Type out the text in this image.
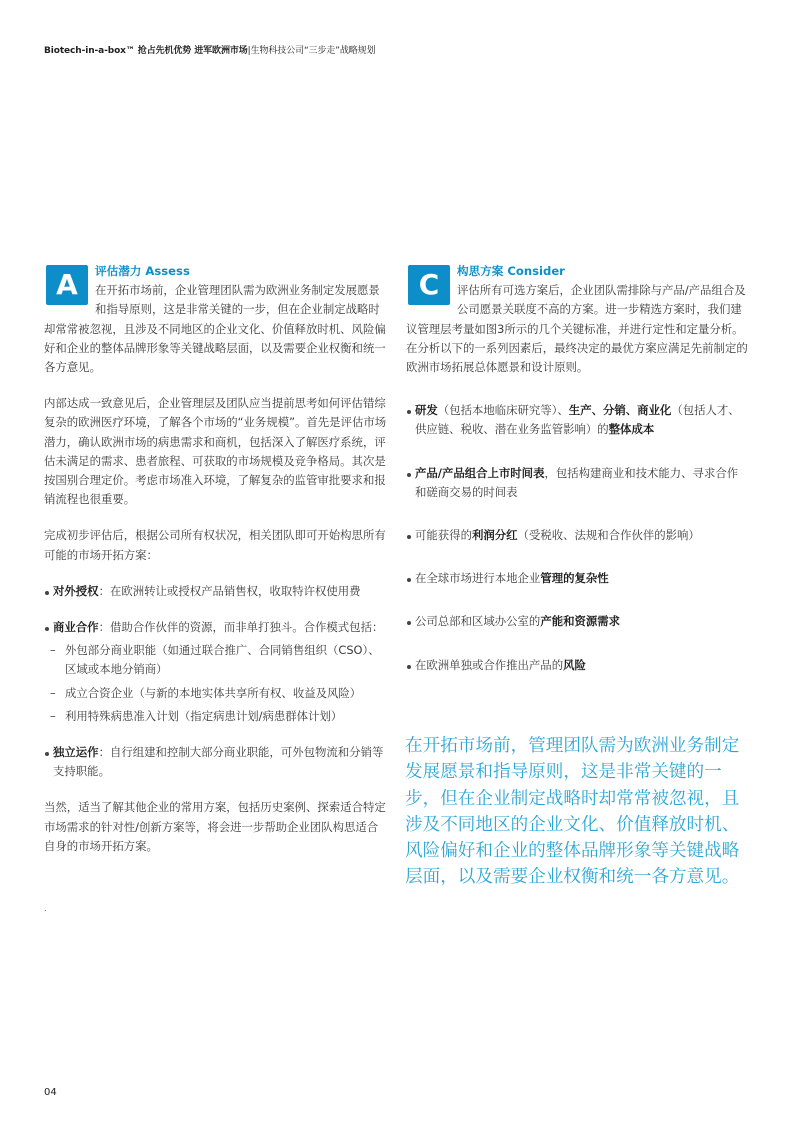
Biotech-in-a-box™ 抢占先机优势 进军欧洲市场|生物科技公司“三步走”战略规划
A	评估潜力 Assess

在开拓市场前，企业管理团队需为欧洲业务制定发展愿景和指导原则，这是非常关键的一步，但在企业制定战略时却常常被忽视，且涉及不同地区的企业文化、价值释放时机、风险偏好和企业的整体品牌形象等关键战略层面，以及需要企业权衡和统一各方意见。

内部达成一致意见后，企业管理层及团队应当提前思考如何评估错综复杂的欧洲医疗环境，了解各个市场的“业务规模”。首先是评估市场潜力，确认欧洲市场的病患需求和商机，包括深入了解医疗系统，评估未满足的需求、患者旅程、可获取的市场规模及竞争格局。其次是按国别合理定价。考虑市场准入环境，了解复杂的监管审批要求和报销流程也很重要。

完成初步评估后，根据公司所有权状况，相关团队即可开始构思所有可能的市场开拓方案：

对外授权：在欧洲转让或授权产品销售权，收取特许权使用费
商业合作：借助合作伙伴的资源，而非单打独斗。合作模式包括：
– 外包部分商业职能（如通过联合推广、合同销售组织（CSO）、区域或本地分销商）
– 成立合资企业（与新的本地实体共享所有权、收益及风险）
– 利用特殊病患准入计划（指定病患计划/病患群体计划）
独立运作：自行组建和控制大部分商业职能，可外包物流和分销等支持职能。

当然，适当了解其他企业的常用方案，包括历史案例、探索适合特定市场需求的针对性/创新方案等，将会进一步帮助企业团队构思适合自身的市场开拓方案。

.
C	构思方案 Consider

评估所有可选方案后，企业团队需排除与产品/产品组合及公司愿景关联度不高的方案。进一步精选方案时，我们建议管理层考量如图3所示的几个关键标准，并进行定性和定量分析。在分析以下的一系列因素后，最终决定的最优方案应满足先前制定的欧洲市场拓展总体愿景和设计原则。

研发（包括本地临床研究等）、生产、分销、商业化（包括人才、供应链、税收、潜在业务监管影响）的整体成本
产品/产品组合上市时间表，包括构建商业和技术能力、寻求合作和磋商交易的时间表
可能获得的利润分红（受税收、法规和合作伙伴的影响）
在全球市场进行本地企业管理的复杂性
公司总部和区域办公室的产能和资源需求
在欧洲单独或合作推出产品的风险
在开拓市场前，管理团队需为欧洲业务制定发展愿景和指导原则，这是非常关键的一步，但在企业制定战略时却常常被忽视，且涉及不同地区的企业文化、价值释放时机、风险偏好和企业的整体品牌形象等关键战略层面，以及需要企业权衡和统一各方意见。
04
